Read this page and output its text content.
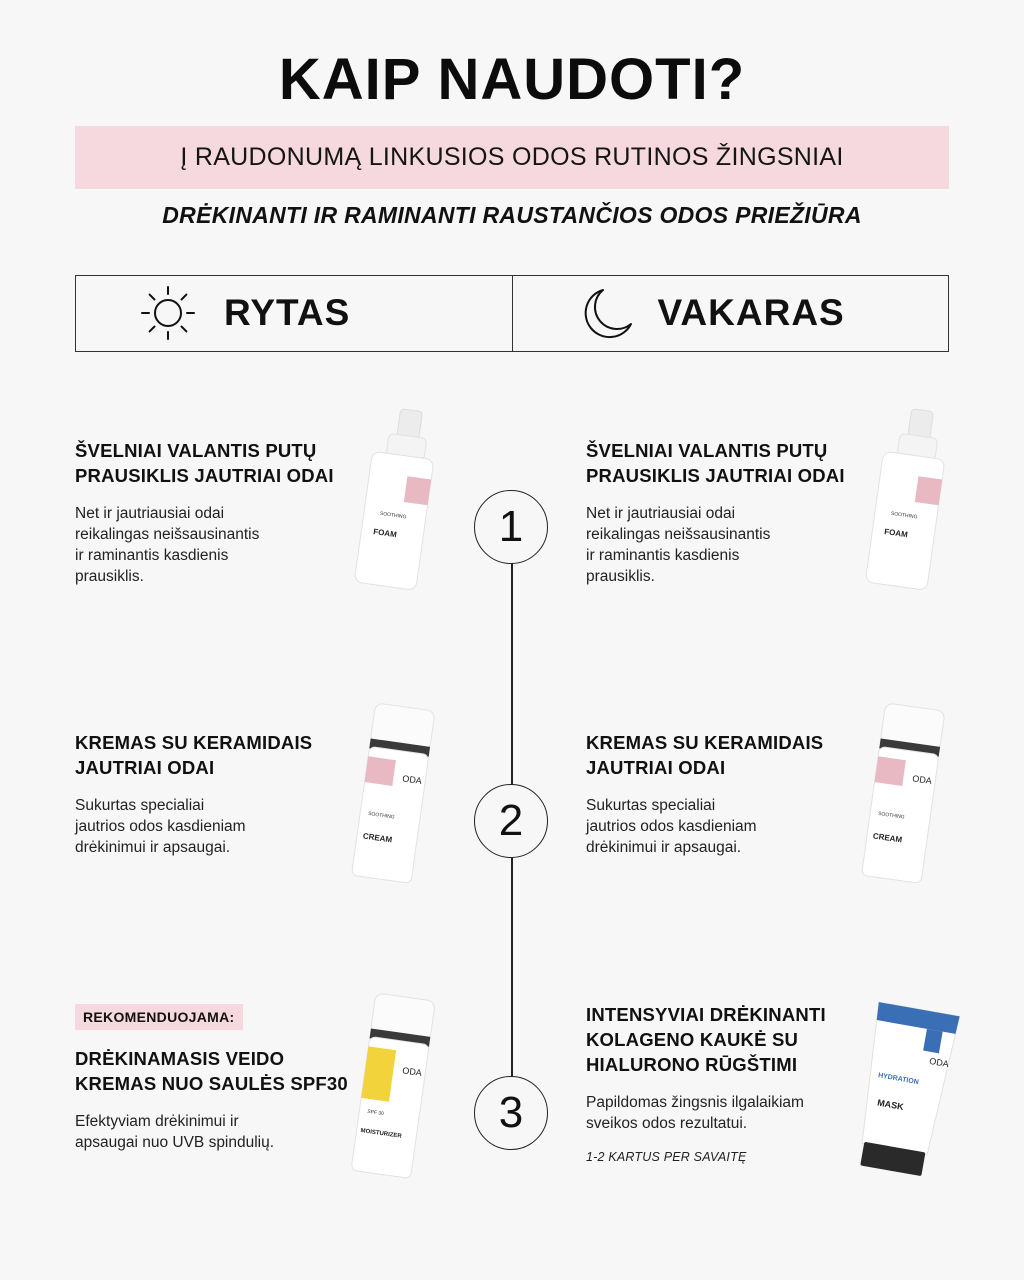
KAIP NAUDOTI?
Į RAUDONUMĄ LINKUSIOS ODOS RUTINOS ŽINGSNIAI
DRĖKINANTI IR RAMINANTI RAUSTANČIOS ODOS PRIEŽIŪRA
RYTAS	VAKARAS
1
2
3
ŠVELNIAI VALANTIS PUTŲ
PRAUSIKLIS JAUTRIAI ODAI
Net ir jautriausiai odai
reikalingas neišsausinantis
ir raminantis kasdienis
prausiklis.
KREMAS SU KERAMIDAIS
JAUTRIAI ODAI
Sukurtas specialiai
jautrios odos kasdieniam
drėkinimui ir apsaugai.
REKOMENDUOJAMA:
DRĖKINAMASIS VEIDO
KREMAS NUO SAULĖS SPF30
Efektyviam drėkinimui ir
apsaugai nuo UVB spindulių.
ŠVELNIAI VALANTIS PUTŲ
PRAUSIKLIS JAUTRIAI ODAI
Net ir jautriausiai odai
reikalingas neišsausinantis
ir raminantis kasdienis
prausiklis.
KREMAS SU KERAMIDAIS
JAUTRIAI ODAI
Sukurtas specialiai
jautrios odos kasdieniam
drėkinimui ir apsaugai.
INTENSYVIAI DRĖKINANTI
KOLAGENO KAUKĖ SU
HIALURONO RŪGŠTIMI
Papildomas žingsnis ilgalaikiam
sveikos odos rezultatui.
1-2 KARTUS PER SAVAITĘ
SOOTHING
FOAM
SOOTHING
FOAM
ODA
SOOTHING
CREAM
ODA
SOOTHING
CREAM
ODA
SPF 30
MOISTURIZER
ODA
HYDRATION
MASK
